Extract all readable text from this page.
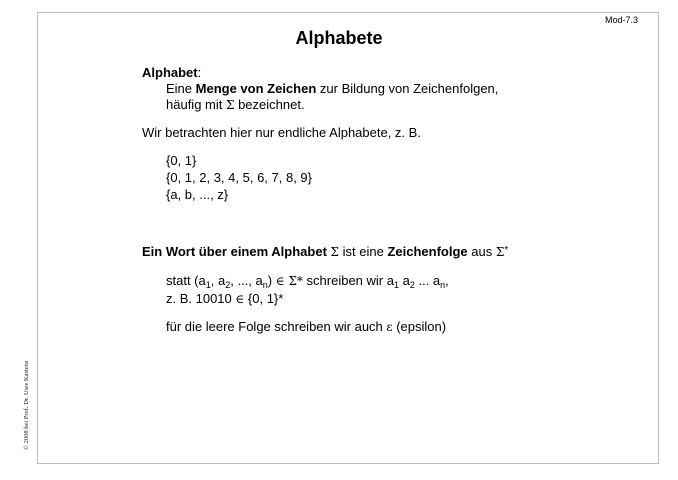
Mod-7.3
© 2008 bei Prof. Dr. Uwe Kastens
Alphabete
Alphabet:
Eine Menge von Zeichen zur Bildung von Zeichenfolgen,
häufig mit Σ bezeichnet.
Wir betrachten hier nur endliche Alphabete, z. B.
{0, 1}
{0, 1, 2, 3, 4, 5, 6, 7, 8, 9}
{a, b, ..., z}
Ein Wort über einem Alphabet Σ ist eine Zeichenfolge aus Σ*
statt ($a_1$, $a_2$, ..., $a_n$) ∈ Σ* schreiben wir $a_1$ $a_2$ ... $a_n$,
z. B. 10010 ∈ {0, 1}*
für die leere Folge schreiben wir auch ε (epsilon)
